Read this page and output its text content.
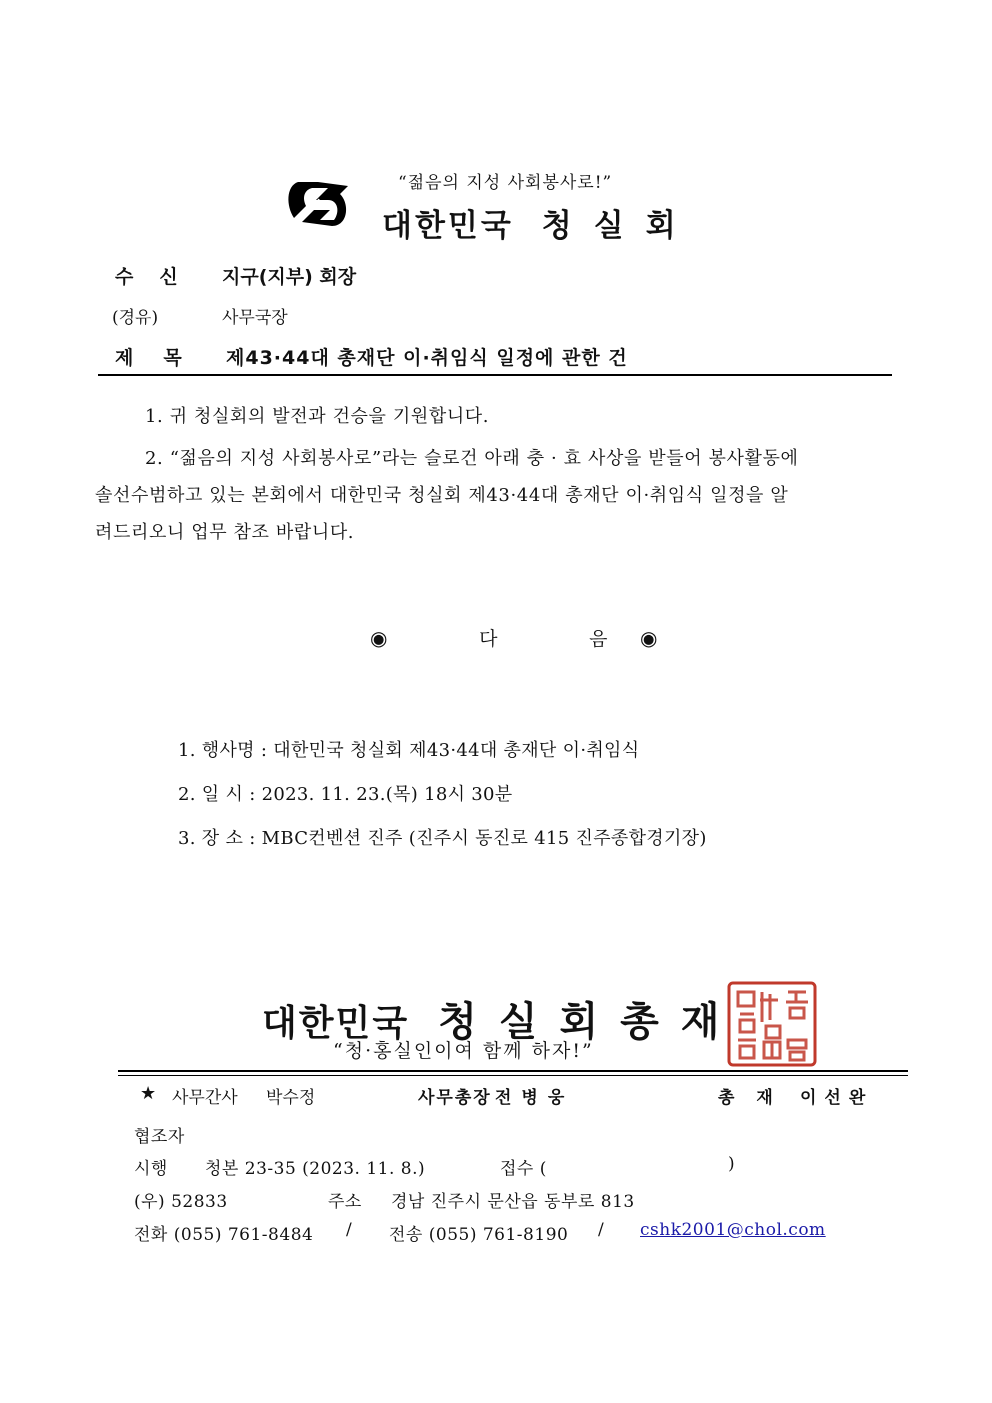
“젊음의 지성 사회봉사로!”
대한민국 청실회
수신 지구(지부) 회장
(경유)	사무국장
제목 제43·44대 총재단 이·취임식 일정에 관한 건
1. 귀 청실회의 발전과 건승을 기원합니다.
2. “젊음의 지성 사회봉사로”라는 슬로건 아래 충 · 효 사상을 받들어 봉사활동에
솔선수범하고 있는 본회에서 대한민국 청실회 제43·44대 총재단 이·취임식 일정을 알
려드리오니 업무 참조 바랍니다.
◉	다	음 ◉
1. 행사명 : 대한민국 청실회 제43·44대 총재단 이·취임식
2. 일 시 : 2023. 11. 23.(목) 18시 30분
3. 장 소 : MBC컨벤션 진주 (진주시 동진로 415 진주종합경기장)
대한민국 청실회총재
“청·홍실인이여 함께 하자!”
★ 사무간사 박수정	사무총장 전병웅	총재 이선완
협조자
시행 청본 23-35 (2023. 11. 8.)	접수 (	)
(우) 52833	주소 경남 진주시 문산읍 동부로 813
전화 (055) 761-8484 / 전송 (055) 761-8190 / cshk2001@chol.com
